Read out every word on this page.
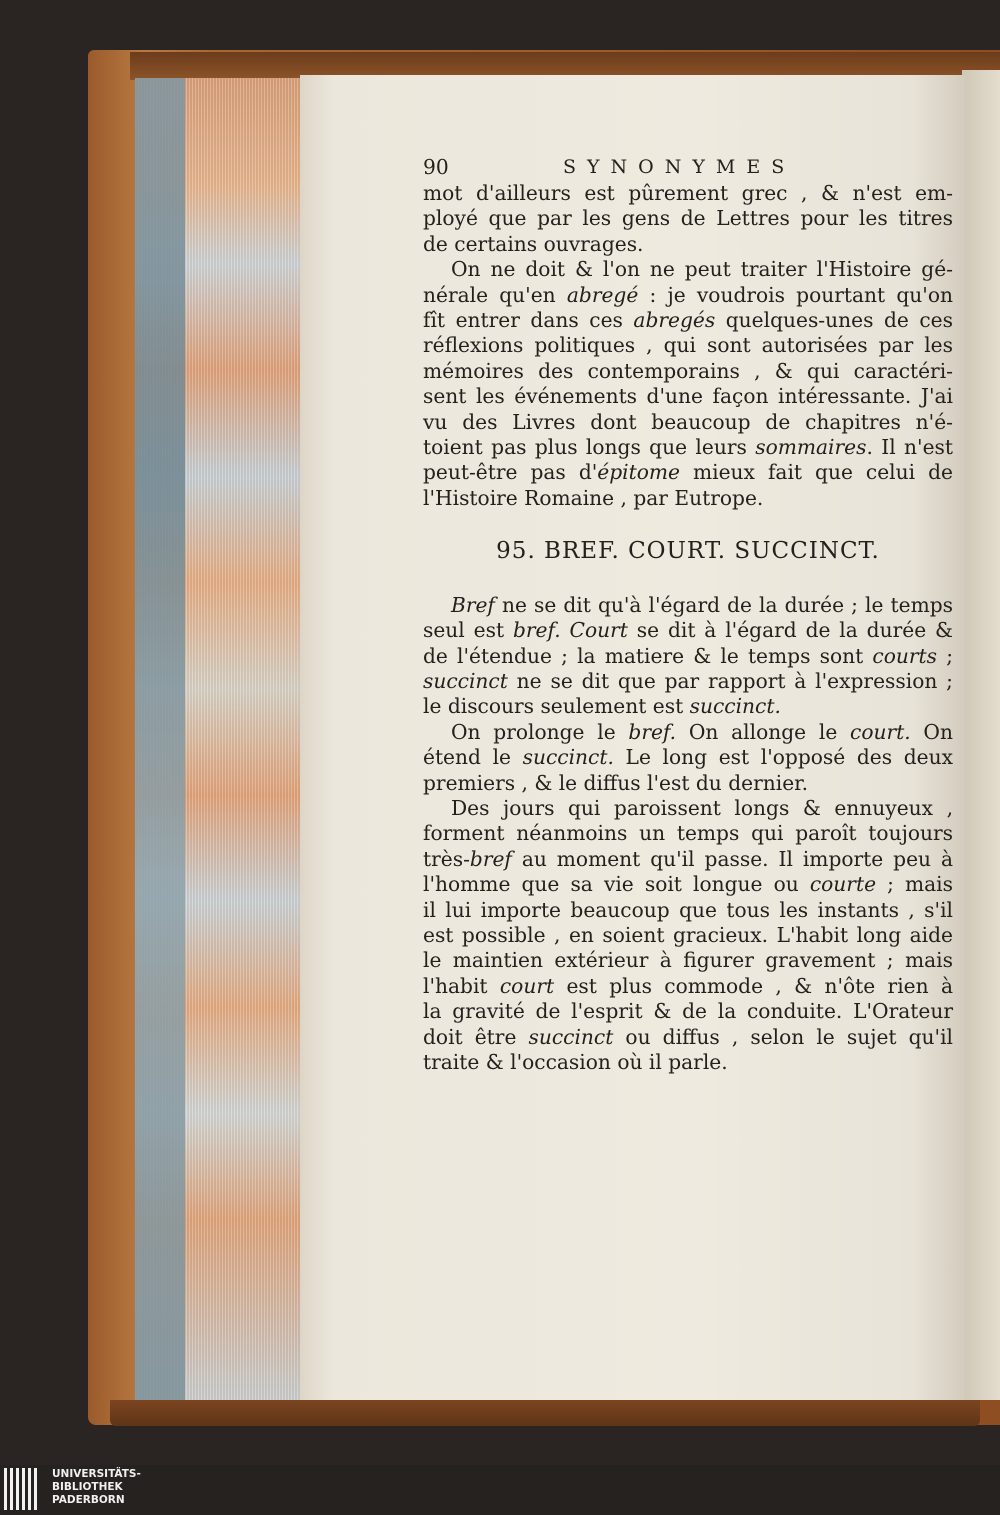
90	SYNONYMES
mot d'ailleurs est pûrement grec , & n'est em-
ployé que par les gens de Lettres pour les titres
de certains ouvrages.
On ne doit & l'on ne peut traiter l'Histoire gé-
nérale qu'en abregé : je voudrois pourtant qu'on
fît entrer dans ces abregés quelques-unes de ces
réflexions politiques , qui sont autorisées par les
mémoires des contemporains , & qui caractéri-
sent les événements d'une façon intéressante. J'ai
vu des Livres dont beaucoup de chapitres n'é-
toient pas plus longs que leurs sommaires. Il n'est
peut-être pas d'épitome mieux fait que celui de
l'Histoire Romaine , par Eutrope.
95. BREF. COURT. SUCCINCT.
Bref ne se dit qu'à l'égard de la durée ; le temps
seul est bref. Court se dit à l'égard de la durée &
de l'étendue ; la matiere & le temps sont courts ;
succinct ne se dit que par rapport à l'expression ;
le discours seulement est succinct.
On prolonge le bref. On allonge le court. On
étend le succinct. Le long est l'opposé des deux
premiers , & le diffus l'est du dernier.
Des jours qui paroissent longs & ennuyeux ,
forment néanmoins un temps qui paroît toujours
très-bref au moment qu'il passe. Il importe peu à
l'homme que sa vie soit longue ou courte ; mais
il lui importe beaucoup que tous les instants , s'il
est possible , en soient gracieux. L'habit long aide
le maintien extérieur à figurer gravement ; mais
l'habit court est plus commode , & n'ôte rien à
la gravité de l'esprit & de la conduite. L'Orateur
doit être succinct ou diffus , selon le sujet qu'il
traite & l'occasion où il parle.
UNIVERSITÄTS-
BIBLIOTHEK
PADERBORN
